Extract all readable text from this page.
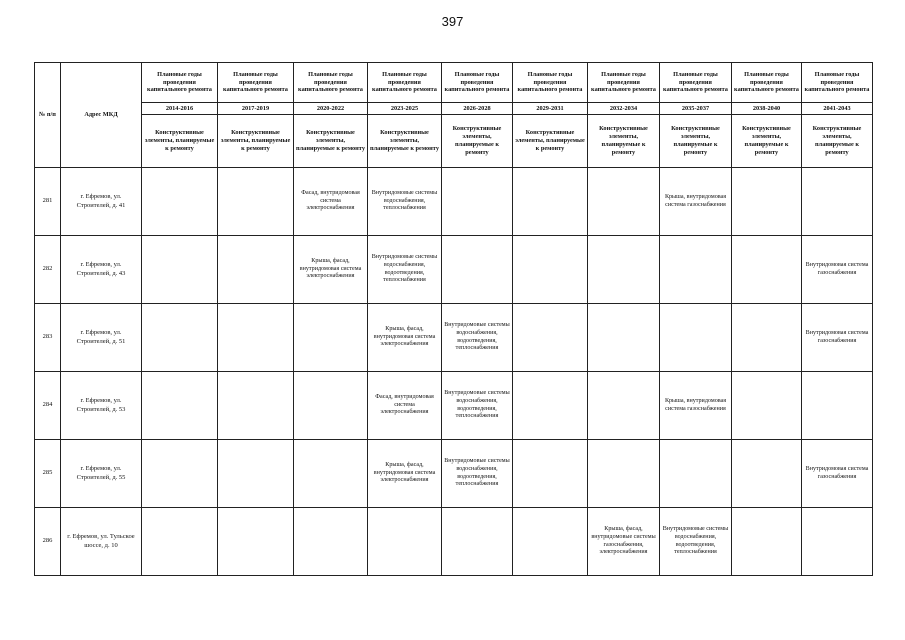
397
№ п/п	Адрес МКД	Плановые годы проведения капитального ремонта	Плановые годы проведения капитального ремонта	Плановые годы проведения капитального ремонта	Плановые годы проведения капитального ремонта	Плановые годы проведения капитального ремонта	Плановые годы проведения капитального ремонта	Плановые годы проведения капитального ремонта	Плановые годы проведения капитального ремонта	Плановые годы проведения капитального ремонта	Плановые годы проведения капитального ремонта
		2014-2016	2017-2019	2020-2022	2023-2025	2026-2028	2029-2031	2032-2034	2035-2037	2038-2040	2041-2043
		Конструктивные элементы, планируемые к ремонту	Конструктивные элементы, планируемые к ремонту	Конструктивные элементы, планируемые к ремонту	Конструктивные элементы, планируемые к ремонту	Конструктивные элементы, планируемые к ремонту	Конструктивные элементы, планируемые к ремонту	Конструктивные элементы, планируемые к ремонту	Конструктивные элементы, планируемые к ремонту	Конструктивные элементы, планируемые к ремонту	Конструктивные элементы, планируемые к ремонту
281	г. Ефремов, ул. Строителей, д. 41			Фасад, внутридомовая система электроснабжения	Внутридомовые системы водоснабжения, теплоснабжения				Крыша, внутридомовая система газоснабжения		
282	г. Ефремов, ул. Строителей, д. 43			Крыша, фасад, внутридомовая система электроснабжения	Внутридомовые системы водоснабжения, водоотведения, теплоснабжения						Внутридомовая система газоснабжения
283	г. Ефремов, ул. Строителей, д. 51				Крыша, фасад, внутридомовая система электроснабжения	Внутридомовые системы водоснабжения, водоотведения, теплоснабжения					Внутридомовая система газоснабжения
284	г. Ефремов, ул. Строителей, д. 53				Фасад, внутридомовая система электроснабжения	Внутридомовые системы водоснабжения, водоотведения, теплоснабжения			Крыша, внутридомовая система газоснабжения		
285	г. Ефремов, ул. Строителей, д. 55				Крыша, фасад, внутридомовая система электроснабжения	Внутридомовые системы водоснабжения, водоотведения, теплоснабжения					Внутридомовая система газоснабжения
286	г. Ефремов, ул. Тульское шоссе, д. 10							Крыша, фасад, внутридомовые системы газоснабжения, электроснабжения	Внутридомовые системы водоснабжения, водоотведения, теплоснабжения		
